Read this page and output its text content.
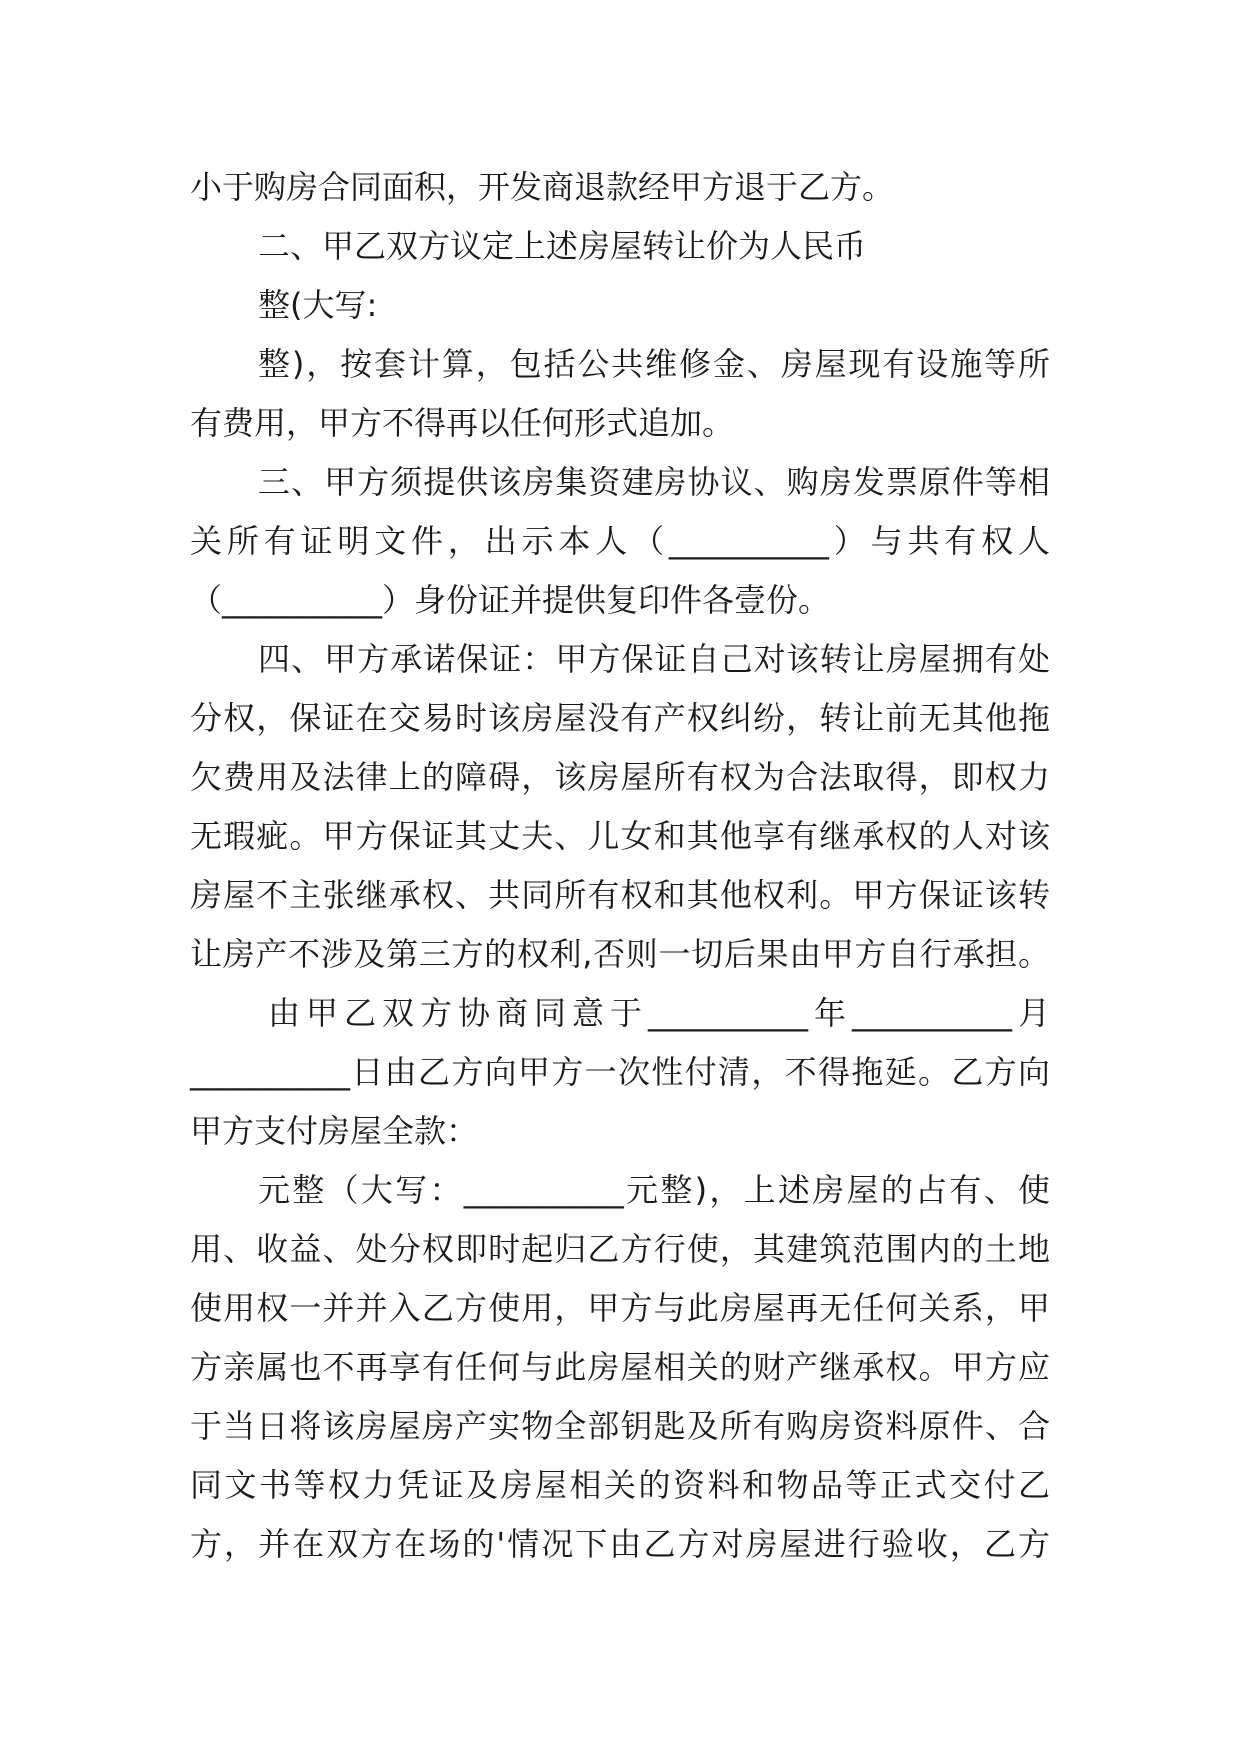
小于购房合同面积，开发商退款经甲方退于乙方。
二、甲乙双方议定上述房屋转让价为人民币
整(大写:
整)，按套计算，包括公共维修金、房屋现有设施等所
有费用，甲方不得再以任何形式追加。
三、甲方须提供该房集资建房协议、购房发票原件等相
关所有证明文件，出示本人（__________）与共有权人
（__________）身份证并提供复印件各壹份。
四、甲方承诺保证：甲方保证自己对该转让房屋拥有处
分权，保证在交易时该房屋没有产权纠纷，转让前无其他拖
欠费用及法律上的障碍，该房屋所有权为合法取得，即权力
无瑕疵。甲方保证其丈夫、儿女和其他享有继承权的人对该
房屋不主张继承权、共同所有权和其他权利。甲方保证该转
让房产不涉及第三方的权利,否则一切后果由甲方自行承担。
由甲乙双方协商同意于__________年__________月
__________日由乙方向甲方一次性付清，不得拖延。乙方向
甲方支付房屋全款：
元整（大写：__________元整)，上述房屋的占有、使
用、收益、处分权即时起归乙方行使，其建筑范围内的土地
使用权一并并入乙方使用，甲方与此房屋再无任何关系，甲
方亲属也不再享有任何与此房屋相关的财产继承权。甲方应
于当日将该房屋房产实物全部钥匙及所有购房资料原件、合
同文书等权力凭证及房屋相关的资料和物品等正式交付乙
方，并在双方在场的'情况下由乙方对房屋进行验收，乙方
